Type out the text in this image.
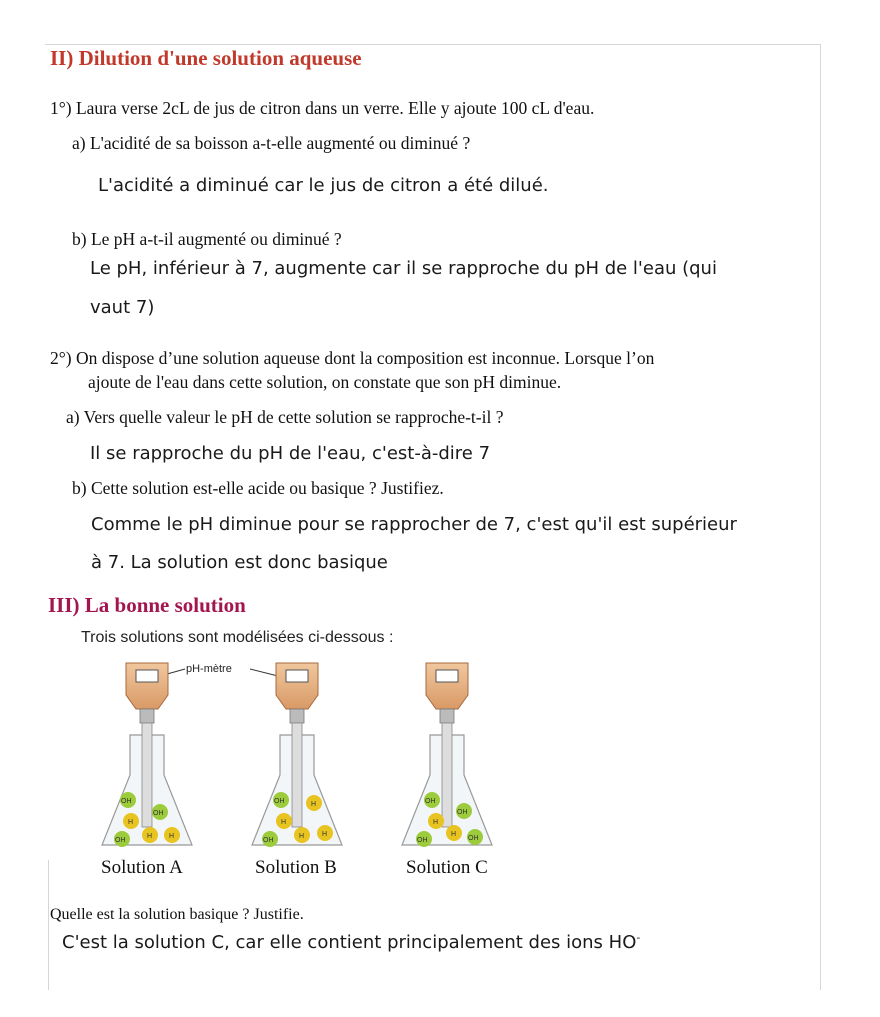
II) Dilution d'une solution aqueuse
1°) Laura verse 2cL de jus de citron dans un verre. Elle y ajoute 100 cL d'eau.
a) L'acidité de sa boisson a-t-elle augmenté ou diminué ?
L'acidité a diminué car le jus de citron a été dilué.
b) Le pH a-t-il augmenté ou diminué ?
Le pH, inférieur à 7, augmente car il se rapproche du pH de l'eau (qui
vaut 7)
2°) On dispose d’une solution aqueuse dont la composition est inconnue. Lorsque l’on
ajoute de l'eau dans cette solution, on constate que son pH diminue.
a) Vers quelle valeur le pH de cette solution se rapproche-t-il ?
Il se rapproche du pH de l'eau, c'est-à-dire 7
b) Cette solution est-elle acide ou basique ? Justifiez.
Comme le pH diminue pour se rapprocher de 7, c'est qu'il est supérieur
à 7. La solution est donc basique
III) La bonne solution
Trois solutions sont modélisées ci-dessous :
pH-mètre
OH
OH
H
H H
OH
OH	H
H
H	H
OH
OH
OH
H
H
OH
OH
Solution A	Solution B	Solution C
Quelle est la solution basique ? Justifie.
C'est la solution C, car elle contient principalement des ions HO-
